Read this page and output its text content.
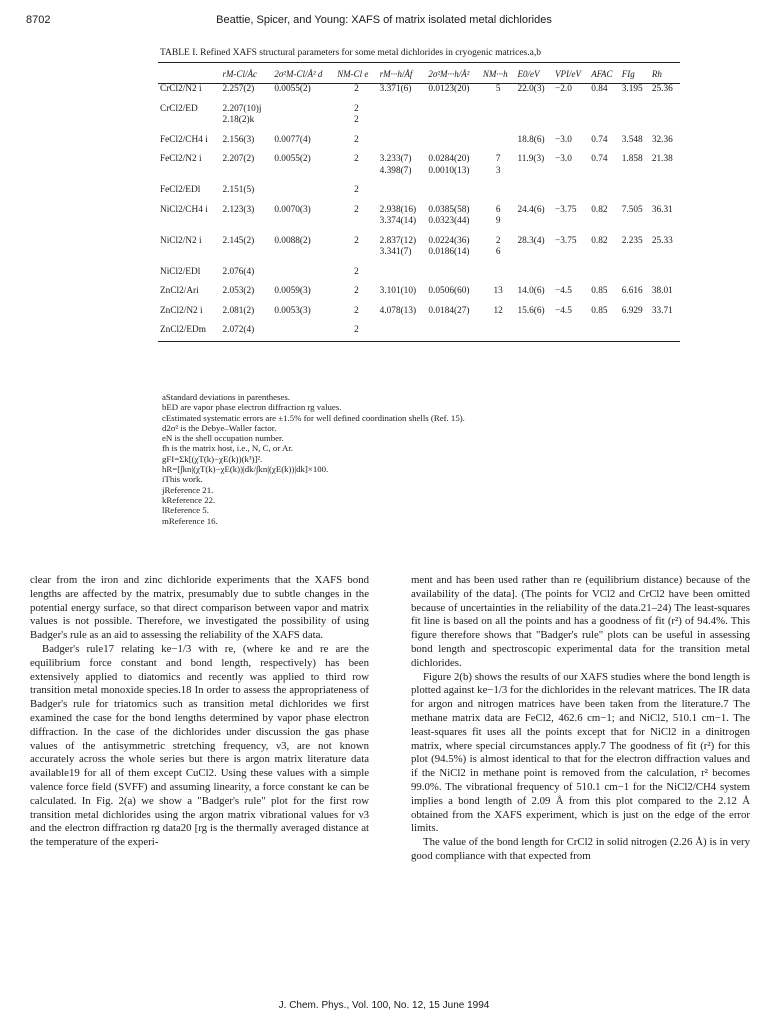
8702	Beattie, Spicer, and Young: XAFS of matrix isolated metal dichlorides
TABLE I. Refined XAFS structural parameters for some metal dichlorides in cryogenic matrices.a,b
	rM-Cl/Åc	2σ²M-Cl/Å² d	NM-Cl e	rM···h/Åf	2σ²M···h/Å²	NM···h	E0/eV	VPI/eV	AFAC	FIg	Rh
CrCl2/N2 i	2.257(2)	0.0055(2)	2	3.371(6)	0.0123(20)	5	22.0(3)	−2.0	0.84	3.195	25.36

CrCl2/ED	2.207(10)j		2								
	2.18(2)k		2								

FeCl2/CH4 i	2.156(3)	0.0077(4)	2				18.8(6)	−3.0	0.74	3.548	32.36

FeCl2/N2 i	2.207(2)	0.0055(2)	2	3.233(7)	0.0284(20)	7	11.9(3)	−3.0	0.74	1.858	21.38
				4.398(7)	0.0010(13)	3					

FeCl2/EDl	2.151(5)		2								

NiCl2/CH4 i	2.123(3)	0.0070(3)	2	2.938(16)	0.0385(58)	6	24.4(6)	−3.75	0.82	7.505	36.31
				3.374(14)	0.0323(44)	9					

NiCl2/N2 i	2.145(2)	0.0088(2)	2	2.837(12)	0.0224(36)	2	28.3(4)	−3.75	0.82	2.235	25.33
				3.341(7)	0.0186(14)	6					

NiCl2/EDl	2.076(4)		2								

ZnCl2/Ari	2.053(2)	0.0059(3)	2	3.101(10)	0.0506(60)	13	14.0(6)	−4.5	0.85	6.616	38.01

ZnCl2/N2 i	2.081(2)	0.0053(3)	2	4.078(13)	0.0184(27)	12	15.6(6)	−4.5	0.85	6.929	33.71

ZnCl2/EDm	2.072(4)		2								
aStandard deviations in parentheses.
bED are vapor phase electron diffraction rg values.
cEstimated systematic errors are ±1.5% for well defined coordination shells (Ref. 15).
d2σ² is the Debye–Waller factor.
eN is the shell occupation number.
fh is the matrix host, i.e., N, C, or Ar.
gFI=Σk[(χT(k)−χE(k))(k³)]².
hR=[∫kn|(χT(k)−χE(k))|dk/∫kn|(χE(k))|dk]×100.
iThis work.
jReference 21.
kReference 22.
lReference 5.
mReference 16.

clear from the iron and zinc dichloride experiments that the XAFS bond lengths are affected by the matrix, presumably due to subtle changes in the potential energy surface, so that direct comparison between vapor and matrix values is not possible. Therefore, we investigated the possibility of using Badger's rule as an aid to assessing the reliability of the XAFS data.

Badger's rule17 relating ke−1/3 with re, (where ke and re are the equilibrium force constant and bond length, respectively) has been extensively applied to diatomics and recently was applied to third row transition metal monoxide species.18 In order to assess the appropriateness of Badger's rule for triatomics such as transition metal dichlorides we first examined the case for the bond lengths determined by vapor phase electron diffraction. In the case of the dichlorides under discussion the gas phase values of the antisymmetric stretching frequency, ν3, are not known accurately across the whole series but there is argon matrix literature data available19 for all of them except CuCl2. Using these values with a simple valence force field (SVFF) and assuming linearity, a force constant ke can be calculated. In Fig. 2(a) we show a "Badger's rule" plot for the first row transition metal dichlorides using the argon matrix vibrational values for ν3 and the electron diffraction rg data20 [rg is the thermally averaged distance at the temperature of the experi-

ment and has been used rather than re (equilibrium distance) because of the availability of the data]. (The points for VCl2 and CrCl2 have been omitted because of uncertainties in the reliability of the data.21–24) The least-squares fit line is based on all the points and has a goodness of fit (r²) of 94.4%. This figure therefore shows that "Badger's rule" plots can be useful in assessing bond length and spectroscopic experimental data for the transition metal dichlorides.

Figure 2(b) shows the results of our XAFS studies where the bond length is plotted against ke−1/3 for the dichlorides in the relevant matrices. The IR data for argon and nitrogen matrices have been taken from the literature.7 The methane matrix data are FeCl2, 462.6 cm−1; and NiCl2, 510.1 cm−1. The least-squares fit uses all the points except that for NiCl2 in a dinitrogen matrix, where special circumstances apply.7 The goodness of fit (r²) for this plot (94.5%) is almost identical to that for the electron diffraction values and if the NiCl2 in methane point is removed from the calculation, r² becomes 99.0%. The vibrational frequency of 510.1 cm−1 for the NiCl2/CH4 system implies a bond length of 2.09 Å from this plot compared to the 2.12 Å obtained from the XAFS experiment, which is just on the edge of the error limits.

The value of the bond length for CrCl2 in solid nitrogen (2.26 Å) is in very good compliance with that expected from

J. Chem. Phys., Vol. 100, No. 12, 15 June 1994
